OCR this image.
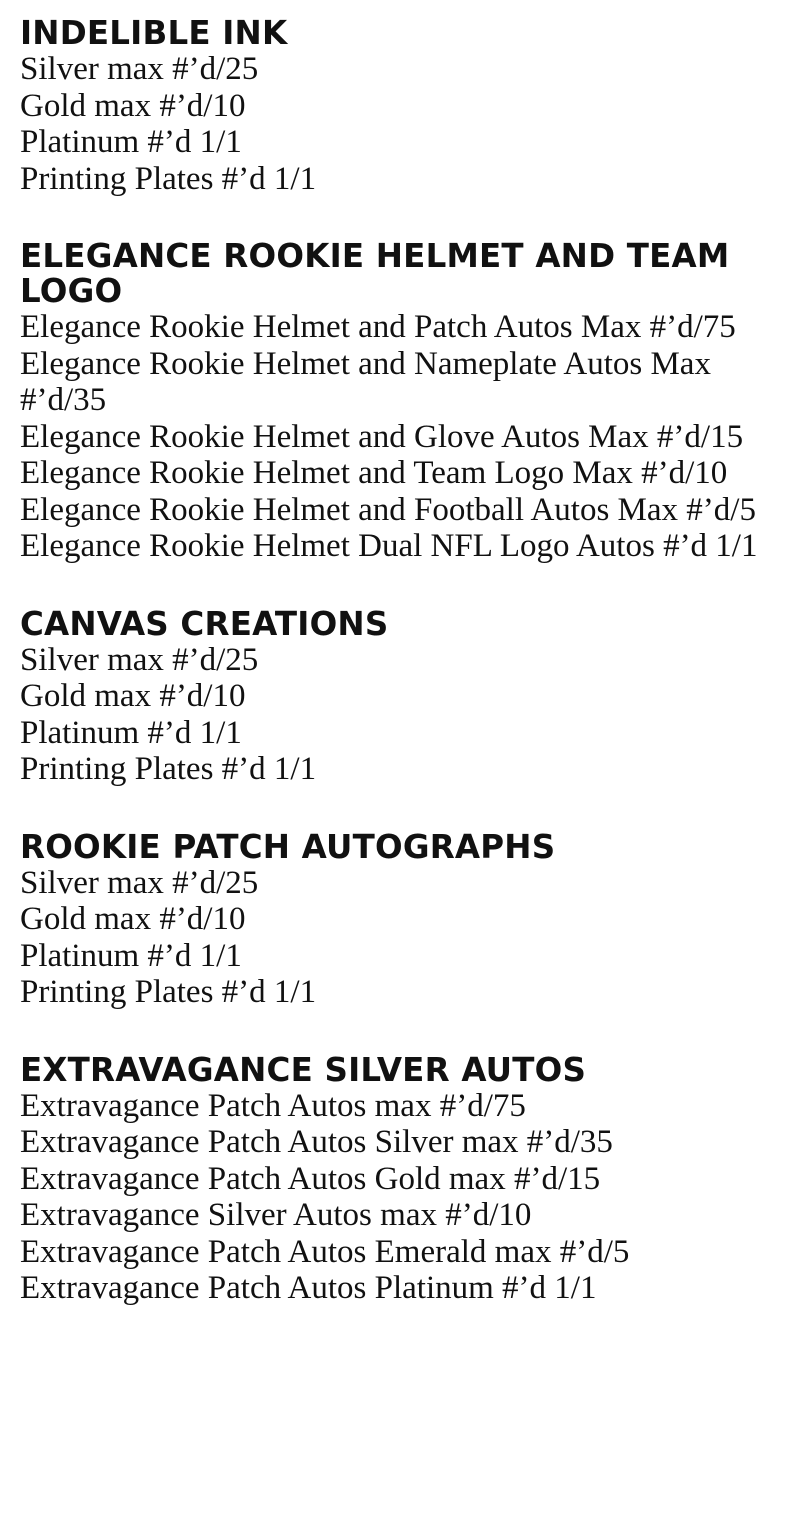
INDELIBLE INK

Silver max #’d/25

Gold max #’d/10

Platinum #’d 1/1

Printing Plates #’d 1/1

ELEGANCE ROOKIE HELMET AND TEAM LOGO

Elegance Rookie Helmet and Patch Autos Max #’d/75

Elegance Rookie Helmet and Nameplate Autos Max #’d/35

Elegance Rookie Helmet and Glove Autos Max #’d/15

Elegance Rookie Helmet and Team Logo Max #’d/10

Elegance Rookie Helmet and Football Autos Max #’d/5

Elegance Rookie Helmet Dual NFL Logo Autos #’d 1/1

CANVAS CREATIONS

Silver max #’d/25

Gold max #’d/10

Platinum #’d 1/1

Printing Plates #’d 1/1

ROOKIE PATCH AUTOGRAPHS

Silver max #’d/25

Gold max #’d/10

Platinum #’d 1/1

Printing Plates #’d 1/1

EXTRAVAGANCE SILVER AUTOS

Extravagance Patch Autos max #’d/75

Extravagance Patch Autos Silver max #’d/35

Extravagance Patch Autos Gold max #’d/15

Extravagance Silver Autos max #’d/10

Extravagance Patch Autos Emerald max #’d/5

Extravagance Patch Autos Platinum #’d 1/1
